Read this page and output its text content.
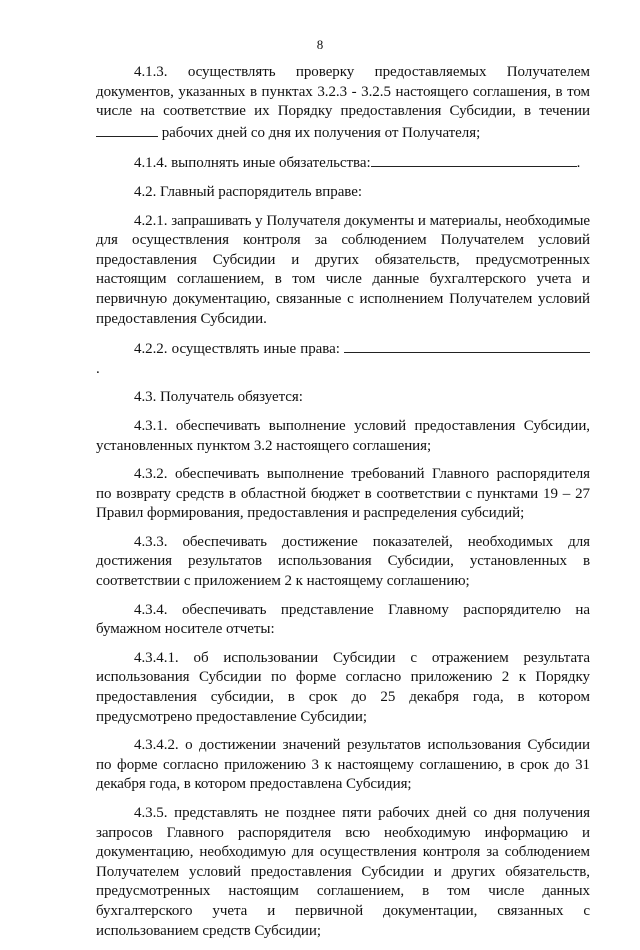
8

4.1.3. осуществлять проверку предоставляемых Получателем документов, указанных в пунктах 3.2.3 - 3.2.5 настоящего соглашения, в том числе на соответствие их Порядку предоставления Субсидии, в течении  рабочих дней со дня их получения от Получателя;

4.1.4. выполнять иные обязательства:	.

4.2. Главный распорядитель вправе:

4.2.1. запрашивать у Получателя документы и материалы, необходимые для осуществления контроля за соблюдением Получателем условий предоставления Субсидии и других обязательств, предусмотренных настоящим соглашением, в том числе данные бухгалтерского учета и первичную документацию, связанные с исполнением Получателем условий предоставления Субсидии.

4.2.2. осуществлять иные права: .

4.3. Получатель обязуется:

4.3.1. обеспечивать выполнение условий предоставления Субсидии, установленных пунктом 3.2 настоящего соглашения;

4.3.2. обеспечивать выполнение требований Главного распорядителя по возврату средств в областной бюджет в соответствии с пунктами 19 – 27 Правил формирования, предоставления и распределения субсидий;

4.3.3. обеспечивать достижение показателей, необходимых для достижения результатов использования Субсидии, установленных в соответствии с приложением 2 к настоящему соглашению;

4.3.4. обеспечивать представление Главному распорядителю на бумажном носителе отчеты:

4.3.4.1. об использовании Субсидии с отражением результата использования Субсидии по форме согласно приложению 2 к Порядку предоставления субсидии, в срок до 25 декабря года, в котором предусмотрено предоставление Субсидии;

4.3.4.2. о достижении значений результатов использования Субсидии по форме согласно приложению 3 к настоящему соглашению, в срок до 31 декабря года, в котором предоставлена Субсидия;

4.3.5. представлять не позднее пяти рабочих дней со дня получения запросов Главного распорядителя всю необходимую информацию и документацию, необходимую для осуществления контроля за соблюдением Получателем условий предоставления Субсидии и других обязательств, предусмотренных настоящим соглашением, в том числе данных бухгалтерского учета и первичной документации, связанных с использованием средств Субсидии;
